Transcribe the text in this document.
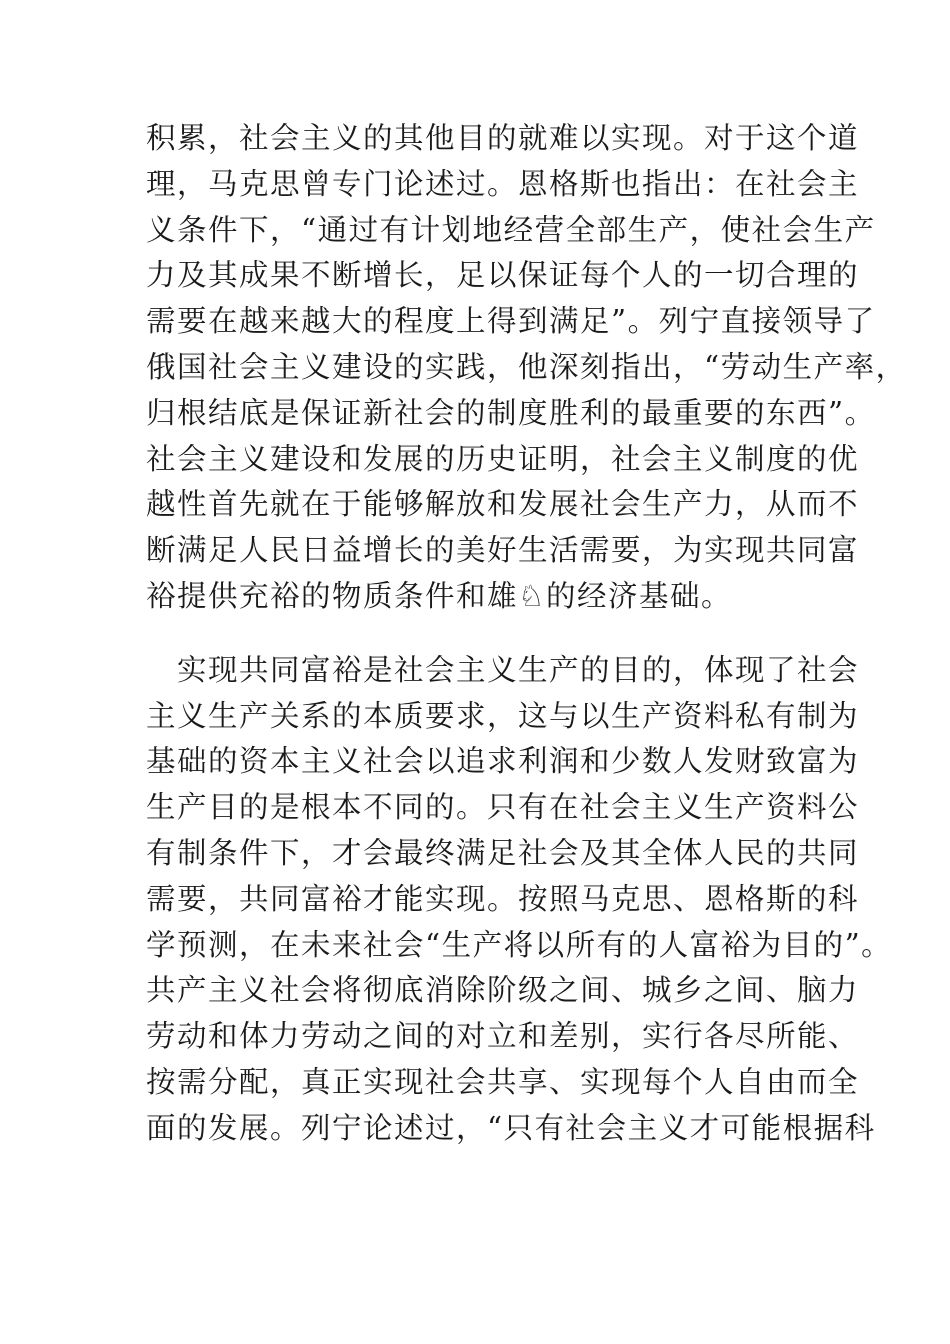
积累，社会主义的其他目的就难以实现。对于这个道
理，马克思曾专门论述过。恩格斯也指出：在社会主
义条件下，“通过有计划地经营全部生产，使社会生产
力及其成果不断增长，足以保证每个人的一切合理的
需要在越来越大的程度上得到满足”。列宁直接领导了
俄国社会主义建设的实践，他深刻指出，“劳动生产率，
归根结底是保证新社会的制度胜利的最重要的东西”。
社会主义建设和发展的历史证明，社会主义制度的优
越性首先就在于能够解放和发展社会生产力，从而不
断满足人民日益增长的美好生活需要，为实现共同富
裕提供充裕的物质条件和雄♘的经济基础。
　实现共同富裕是社会主义生产的目的，体现了社会
主义生产关系的本质要求，这与以生产资料私有制为
基础的资本主义社会以追求利润和少数人发财致富为
生产目的是根本不同的。只有在社会主义生产资料公
有制条件下，才会最终满足社会及其全体人民的共同
需要，共同富裕才能实现。按照马克思、恩格斯的科
学预测，在未来社会“生产将以所有的人富裕为目的”。
共产主义社会将彻底消除阶级之间、城乡之间、脑力
劳动和体力劳动之间的对立和差别，实行各尽所能、
按需分配，真正实现社会共享、实现每个人自由而全
面的发展。列宁论述过，“只有社会主义才可能根据科
